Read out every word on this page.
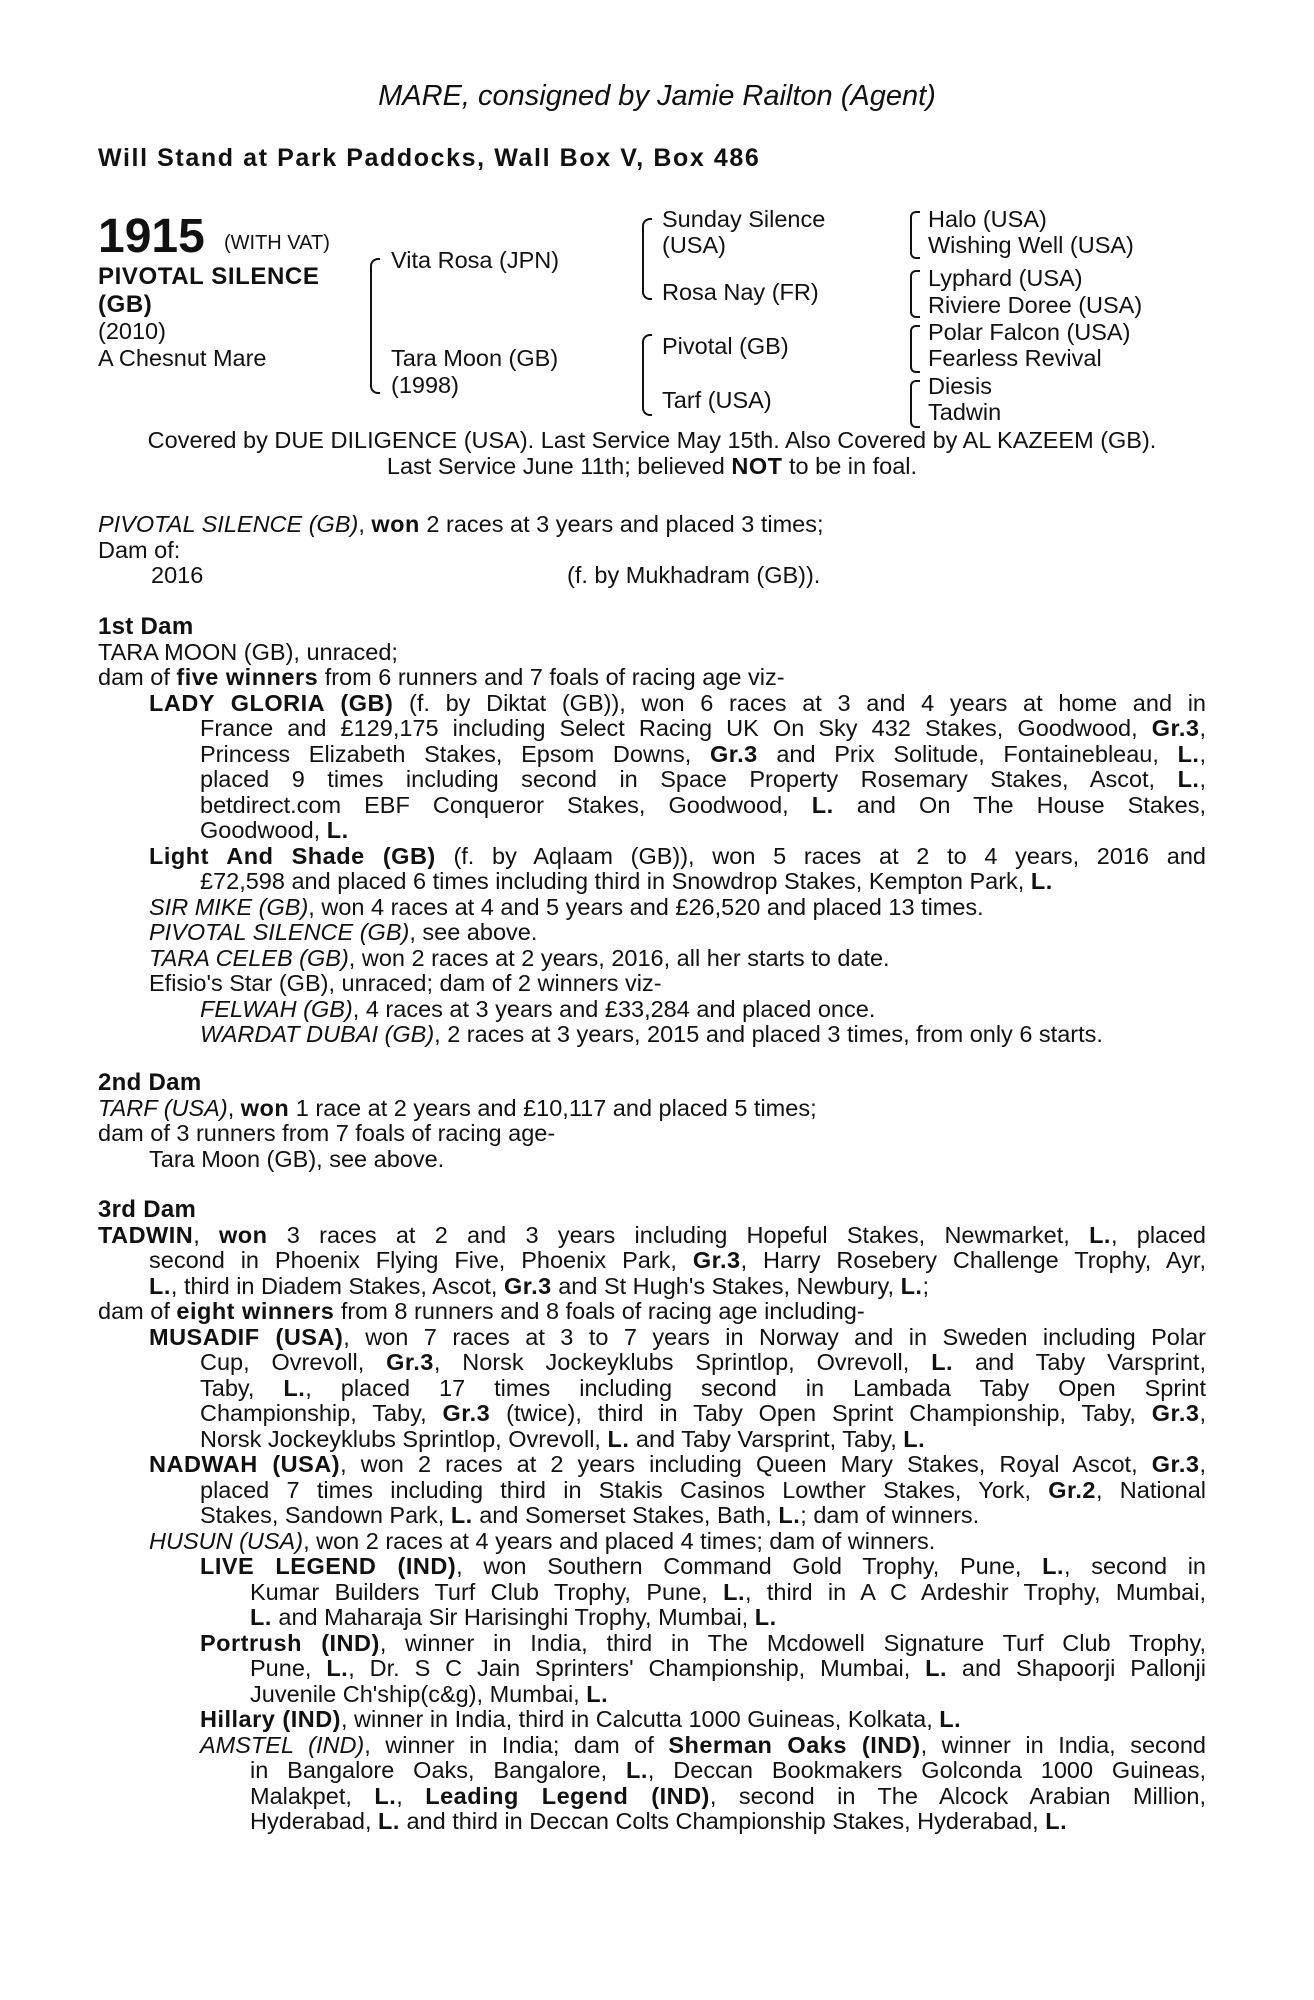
MARE, consigned by Jamie Railton (Agent)
Will Stand at Park Paddocks, Wall Box V, Box 486
1915 (WITH VAT)
PIVOTAL SILENCE
(GB)
(2010)
A Chesnut Mare
Vita Rosa (JPN)
Tara Moon (GB)
(1998)
Sunday Silence
(USA)
Rosa Nay (FR)
Pivotal (GB)
Tarf (USA)
Halo (USA)
Wishing Well (USA)
Lyphard (USA)
Riviere Doree (USA)
Polar Falcon (USA)
Fearless Revival
Diesis
Tadwin
Covered by DUE DILIGENCE (USA). Last Service May 15th. Also Covered by AL KAZEEM (GB).
Last Service June 11th; believed NOT to be in foal.
PIVOTAL SILENCE (GB), won 2 races at 3 years and placed 3 times;
Dam of:
2016	(f. by Mukhadram (GB)).
1st Dam
TARA MOON (GB), unraced;
dam of five winners from 6 runners and 7 foals of racing age viz-
LADY GLORIA (GB) (f. by Diktat (GB)), won 6 races at 3 and 4 years at home and in
France and £129,175 including Select Racing UK On Sky 432 Stakes, Goodwood, Gr.3,
Princess Elizabeth Stakes, Epsom Downs, Gr.3 and Prix Solitude, Fontainebleau, L.,
placed 9 times including second in Space Property Rosemary Stakes, Ascot, L.,
betdirect.com EBF Conqueror Stakes, Goodwood, L. and On The House Stakes,
Goodwood, L.
Light And Shade (GB) (f. by Aqlaam (GB)), won 5 races at 2 to 4 years, 2016 and
£72,598 and placed 6 times including third in Snowdrop Stakes, Kempton Park, L.
SIR MIKE (GB), won 4 races at 4 and 5 years and £26,520 and placed 13 times.
PIVOTAL SILENCE (GB), see above.
TARA CELEB (GB), won 2 races at 2 years, 2016, all her starts to date.
Efisio's Star (GB), unraced; dam of 2 winners viz-
FELWAH (GB), 4 races at 3 years and £33,284 and placed once.
WARDAT DUBAI (GB), 2 races at 3 years, 2015 and placed 3 times, from only 6 starts.
2nd Dam
TARF (USA), won 1 race at 2 years and £10,117 and placed 5 times;
dam of 3 runners from 7 foals of racing age-
Tara Moon (GB), see above.
3rd Dam
TADWIN, won 3 races at 2 and 3 years including Hopeful Stakes, Newmarket, L., placed
second in Phoenix Flying Five, Phoenix Park, Gr.3, Harry Rosebery Challenge Trophy, Ayr,
L., third in Diadem Stakes, Ascot, Gr.3 and St Hugh's Stakes, Newbury, L.;
dam of eight winners from 8 runners and 8 foals of racing age including-
MUSADIF (USA), won 7 races at 3 to 7 years in Norway and in Sweden including Polar
Cup, Ovrevoll, Gr.3, Norsk Jockeyklubs Sprintlop, Ovrevoll, L. and Taby Varsprint,
Taby, L., placed 17 times including second in Lambada Taby Open Sprint
Championship, Taby, Gr.3 (twice), third in Taby Open Sprint Championship, Taby, Gr.3,
Norsk Jockeyklubs Sprintlop, Ovrevoll, L. and Taby Varsprint, Taby, L.
NADWAH (USA), won 2 races at 2 years including Queen Mary Stakes, Royal Ascot, Gr.3,
placed 7 times including third in Stakis Casinos Lowther Stakes, York, Gr.2, National
Stakes, Sandown Park, L. and Somerset Stakes, Bath, L.; dam of winners.
HUSUN (USA), won 2 races at 4 years and placed 4 times; dam of winners.
LIVE LEGEND (IND), won Southern Command Gold Trophy, Pune, L., second in
Kumar Builders Turf Club Trophy, Pune, L., third in A C Ardeshir Trophy, Mumbai,
L. and Maharaja Sir Harisinghi Trophy, Mumbai, L.
Portrush (IND), winner in India, third in The Mcdowell Signature Turf Club Trophy,
Pune, L., Dr. S C Jain Sprinters' Championship, Mumbai, L. and Shapoorji Pallonji
Juvenile Ch'ship(c&g), Mumbai, L.
Hillary (IND), winner in India, third in Calcutta 1000 Guineas, Kolkata, L.
AMSTEL (IND), winner in India; dam of Sherman Oaks (IND), winner in India, second
in Bangalore Oaks, Bangalore, L., Deccan Bookmakers Golconda 1000 Guineas,
Malakpet, L., Leading Legend (IND), second in The Alcock Arabian Million,
Hyderabad, L. and third in Deccan Colts Championship Stakes, Hyderabad, L.
